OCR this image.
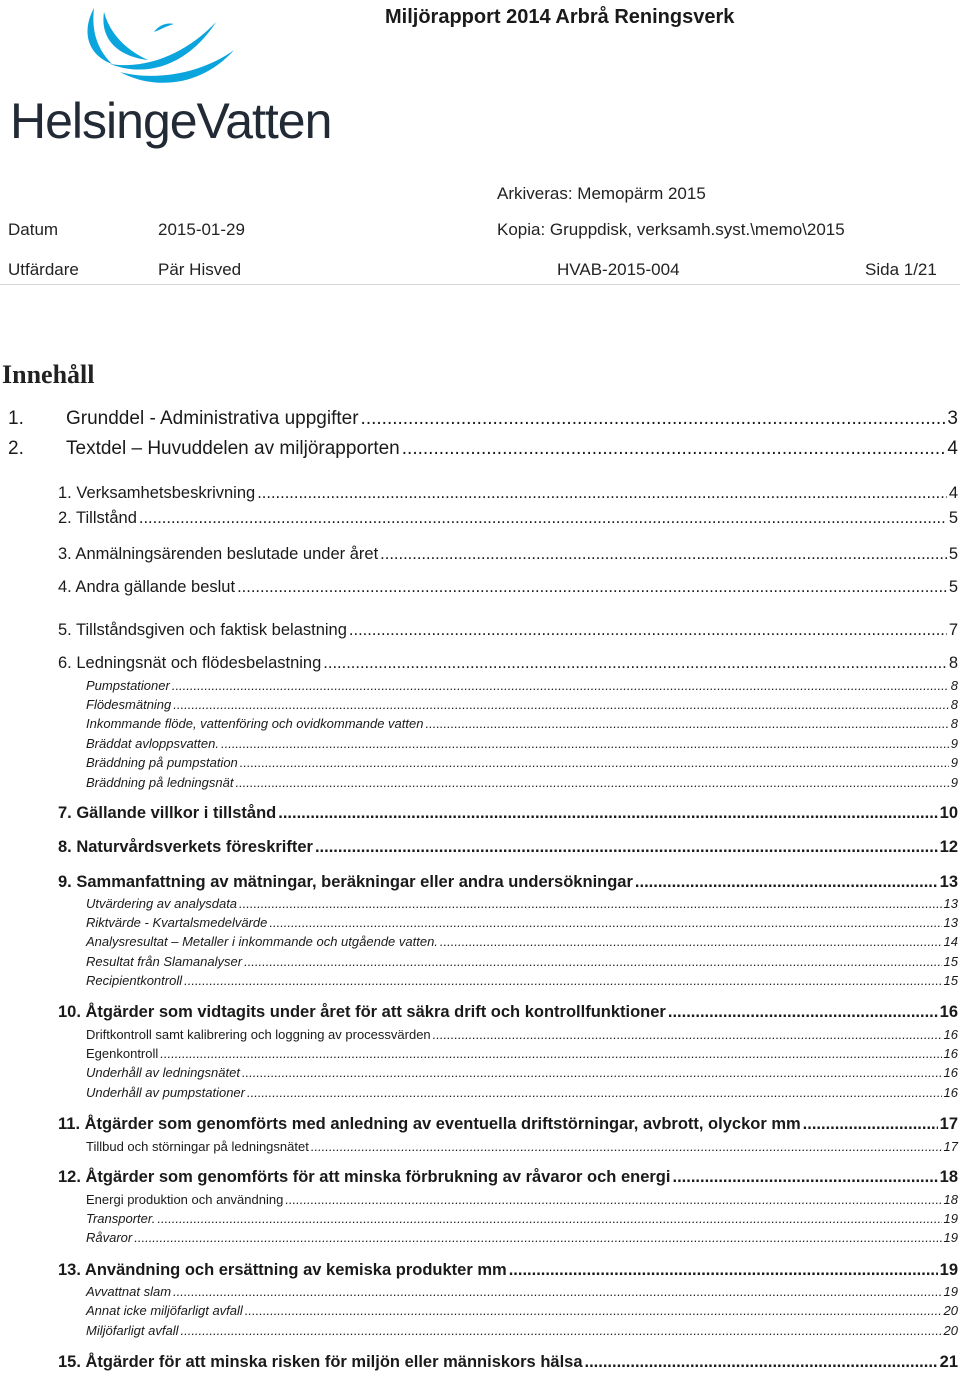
HelsingeVatten
Miljörapport 2014 Arbrå Reningsverk
Arkiveras: Memopärm 2015
Datum	2015-01-29	Kopia: Gruppdisk, verksamh.syst.\memo\2015
Utfärdare	Pär Hisved	HVAB-2015-004	Sida 1/21
Innehåll
1.	Grunddel - Administrativa uppgifter .....	3
2.	Textdel – Huvuddelen av miljörapporten .....	4
1. Verksamhetsbeskrivning .....	4
2. Tillstånd .....	5
3. Anmälningsärenden beslutade under året .....	5
4. Andra gällande beslut .....	5
5. Tillståndsgiven och faktisk belastning .....	7
6. Ledningsnät och flödesbelastning .....	8
Pumpstationer .....	8
Flödesmätning .....	8
Inkommande flöde, vattenföring och ovidkommande vatten .....	8
Bräddat avloppsvatten. .....	9
Bräddning på pumpstation .....	9
Bräddning på ledningsnät .....	9
7. Gällande villkor i tillstånd .....	10
8. Naturvårdsverkets föreskrifter .....	12
9. Sammanfattning av mätningar, beräkningar eller andra undersökningar .....	13
Utvärdering av analysdata .....	13
Riktvärde - Kvartalsmedelvärde .....	13
Analysresultat – Metaller i inkommande och utgående vatten. .....	14
Resultat från Slamanalyser .....	15
Recipientkontroll .....	15
10. Åtgärder som vidtagits under året för att säkra drift och kontrollfunktioner .....	16
Driftkontroll samt kalibrering och loggning av processvärden .....	16
Egenkontroll .....	16
Underhåll av ledningsnätet .....	16
Underhåll av pumpstationer .....	16
11. Åtgärder som genomförts med anledning av eventuella driftstörningar, avbrott, olyckor mm .....	17
Tillbud och störningar på ledningsnätet .....	17
12. Åtgärder som genomförts för att minska förbrukning av råvaror och energi .....	18
Energi produktion och användning .....	18
Transporter. .....	19
Råvaror .....	19
13. Användning och ersättning av kemiska produkter mm .....	19
Avvattnat slam .....	19
Annat icke miljöfarligt avfall .....	20
Miljöfarligt avfall .....	20
15. Åtgärder för att minska risken för miljön eller människors hälsa .....	21
